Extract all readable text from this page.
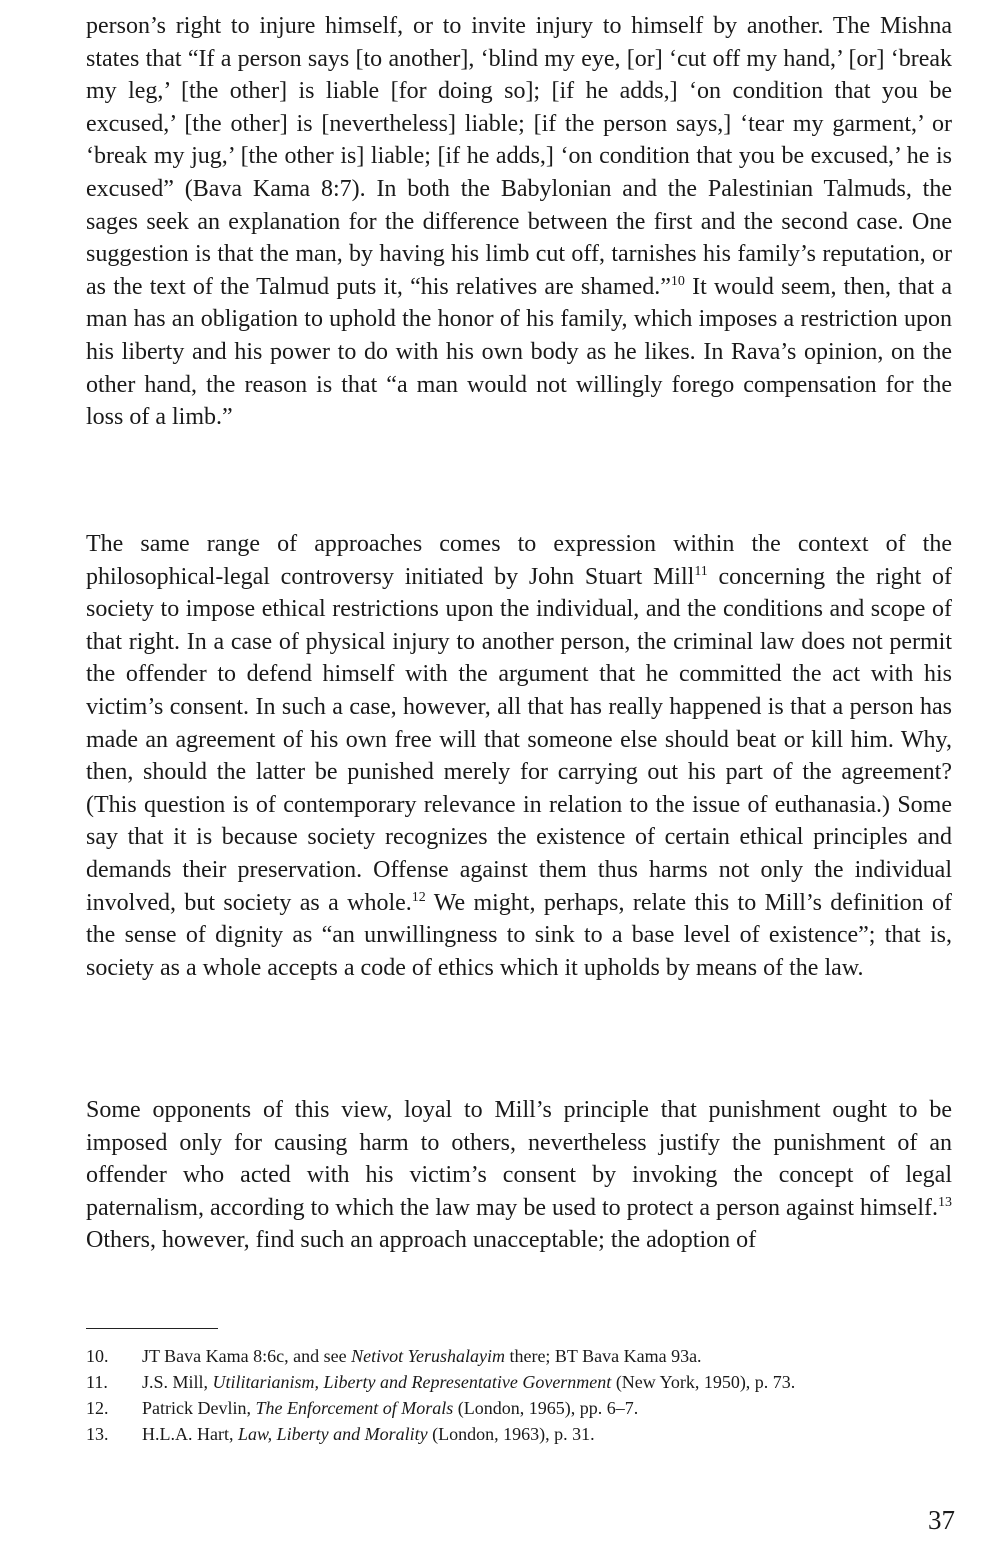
person’s right to injure himself, or to invite injury to himself by another. The Mishna states that “If a person says [to another], ‘blind my eye, [or] ‘cut off my hand,’ [or] ‘break my leg,’ [the other] is liable [for doing so]; [if he adds,] ‘on condition that you be excused,’ [the other] is [nevertheless] liable; [if the person says,] ‘tear my garment,’ or ‘break my jug,’ [the other is] liable; [if he adds,] ‘on condition that you be excused,’ he is excused” (Bava Kama 8:7). In both the Babylonian and the Palestinian Talmuds, the sages seek an explanation for the difference between the first and the second case. One suggestion is that the man, by having his limb cut off, tarnishes his family’s reputation, or as the text of the Talmud puts it, “his relatives are shamed.”$^{10}$ It would seem, then, that a man has an obligation to uphold the honor of his family, which imposes a restriction upon his liberty and his power to do with his own body as he likes. In Rava’s opinion, on the other hand, the reason is that “a man would not willingly forego compensation for the loss of a limb.”

The same range of approaches comes to expression within the context of the philosophical-legal controversy initiated by John Stuart Mill$^{11}$ concerning the right of society to impose ethical restrictions upon the individual, and the conditions and scope of that right. In a case of physical injury to another person, the criminal law does not permit the offender to defend himself with the argument that he committed the act with his victim’s consent. In such a case, however, all that has really happened is that a person has made an agreement of his own free will that someone else should beat or kill him. Why, then, should the latter be punished merely for carrying out his part of the agreement? (This question is of contemporary relevance in relation to the issue of euthanasia.) Some say that it is because society recognizes the existence of certain ethical principles and demands their preservation. Offense against them thus harms not only the individual involved, but society as a whole.$^{12}$ We might, perhaps, relate this to Mill’s definition of the sense of dignity as “an unwillingness to sink to a base level of existence”; that is, society as a whole accepts a code of ethics which it upholds by means of the law.

Some opponents of this view, loyal to Mill’s principle that punishment ought to be imposed only for causing harm to others, nevertheless justify the punishment of an offender who acted with his victim’s consent by invoking the concept of legal paternalism, according to which the law may be used to protect a person against himself.$^{13}$ Others, however, find such an approach unacceptable; the adoption of

10. JT Bava Kama 8:6c, and see Netivot Yerushalayim there; BT Bava Kama 93a.
11. J.S. Mill, Utilitarianism, Liberty and Representative Government (New York, 1950), p. 73.
12. Patrick Devlin, The Enforcement of Morals (London, 1965), pp. 6–7.
13. H.L.A. Hart, Law, Liberty and Morality (London, 1963), p. 31.
37
